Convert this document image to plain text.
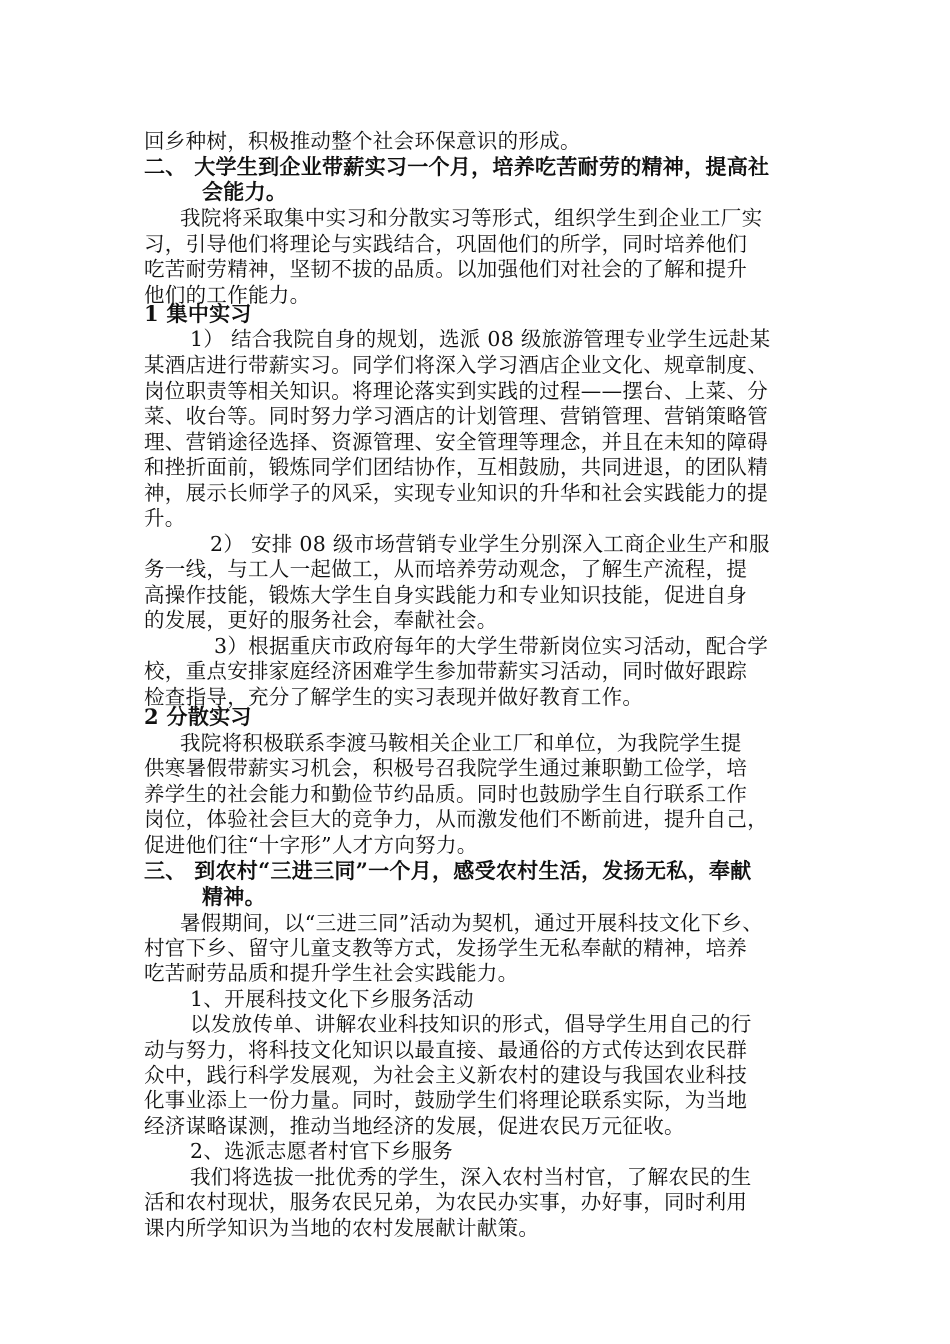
回乡种树，积极推动整个社会环保意识的形成。
二、 大学生到企业带薪实习一个月，培养吃苦耐劳的精神，提高社
会能力。
我院将采取集中实习和分散实习等形式，组织学生到企业工厂实
习，引导他们将理论与实践结合，巩固他们的所学，同时培养他们
吃苦耐劳精神，坚韧不拔的品质。以加强他们对社会的了解和提升
他们的工作能力。
1 集中实习
1） 结合我院自身的规划，选派 08 级旅游管理专业学生远赴某
某酒店进行带薪实习。同学们将深入学习酒店企业文化、规章制度、
岗位职责等相关知识。将理论落实到实践的过程——摆台、上菜、分
菜、收台等。同时努力学习酒店的计划管理、营销管理、营销策略管
理、营销途径选择、资源管理、安全管理等理念，并且在未知的障碍
和挫折面前，锻炼同学们团结协作，互相鼓励，共同进退，的团队精
神，展示长师学子的风采，实现专业知识的升华和社会实践能力的提
升。
2） 安排 08 级市场营销专业学生分别深入工商企业生产和服
务一线，与工人一起做工，从而培养劳动观念，了解生产流程，提
高操作技能，锻炼大学生自身实践能力和专业知识技能，促进自身
的发展，更好的服务社会，奉献社会。
3）根据重庆市政府每年的大学生带新岗位实习活动，配合学
校，重点安排家庭经济困难学生参加带薪实习活动，同时做好跟踪
检查指导，充分了解学生的实习表现并做好教育工作。
2 分散实习
我院将积极联系李渡马鞍相关企业工厂和单位，为我院学生提
供寒暑假带薪实习机会，积极号召我院学生通过兼职勤工俭学，培
养学生的社会能力和勤俭节约品质。同时也鼓励学生自行联系工作
岗位，体验社会巨大的竞争力，从而激发他们不断前进，提升自己，
促进他们往“十字形”人才方向努力。
三、 到农村“三进三同”一个月，感受农村生活，发扬无私，奉献
精神。
暑假期间，以“三进三同”活动为契机，通过开展科技文化下乡、
村官下乡、留守儿童支教等方式，发扬学生无私奉献的精神，培养
吃苦耐劳品质和提升学生社会实践能力。
1、开展科技文化下乡服务活动
以发放传单、讲解农业科技知识的形式，倡导学生用自己的行
动与努力，将科技文化知识以最直接、最通俗的方式传达到农民群
众中，践行科学发展观，为社会主义新农村的建设与我国农业科技
化事业添上一份力量。同时，鼓励学生们将理论联系实际，为当地
经济谋略谋测，推动当地经济的发展，促进农民万元征收。
2、选派志愿者村官下乡服务
我们将选拔一批优秀的学生，深入农村当村官，了解农民的生
活和农村现状，服务农民兄弟，为农民办实事，办好事，同时利用
课内所学知识为当地的农村发展献计献策。
